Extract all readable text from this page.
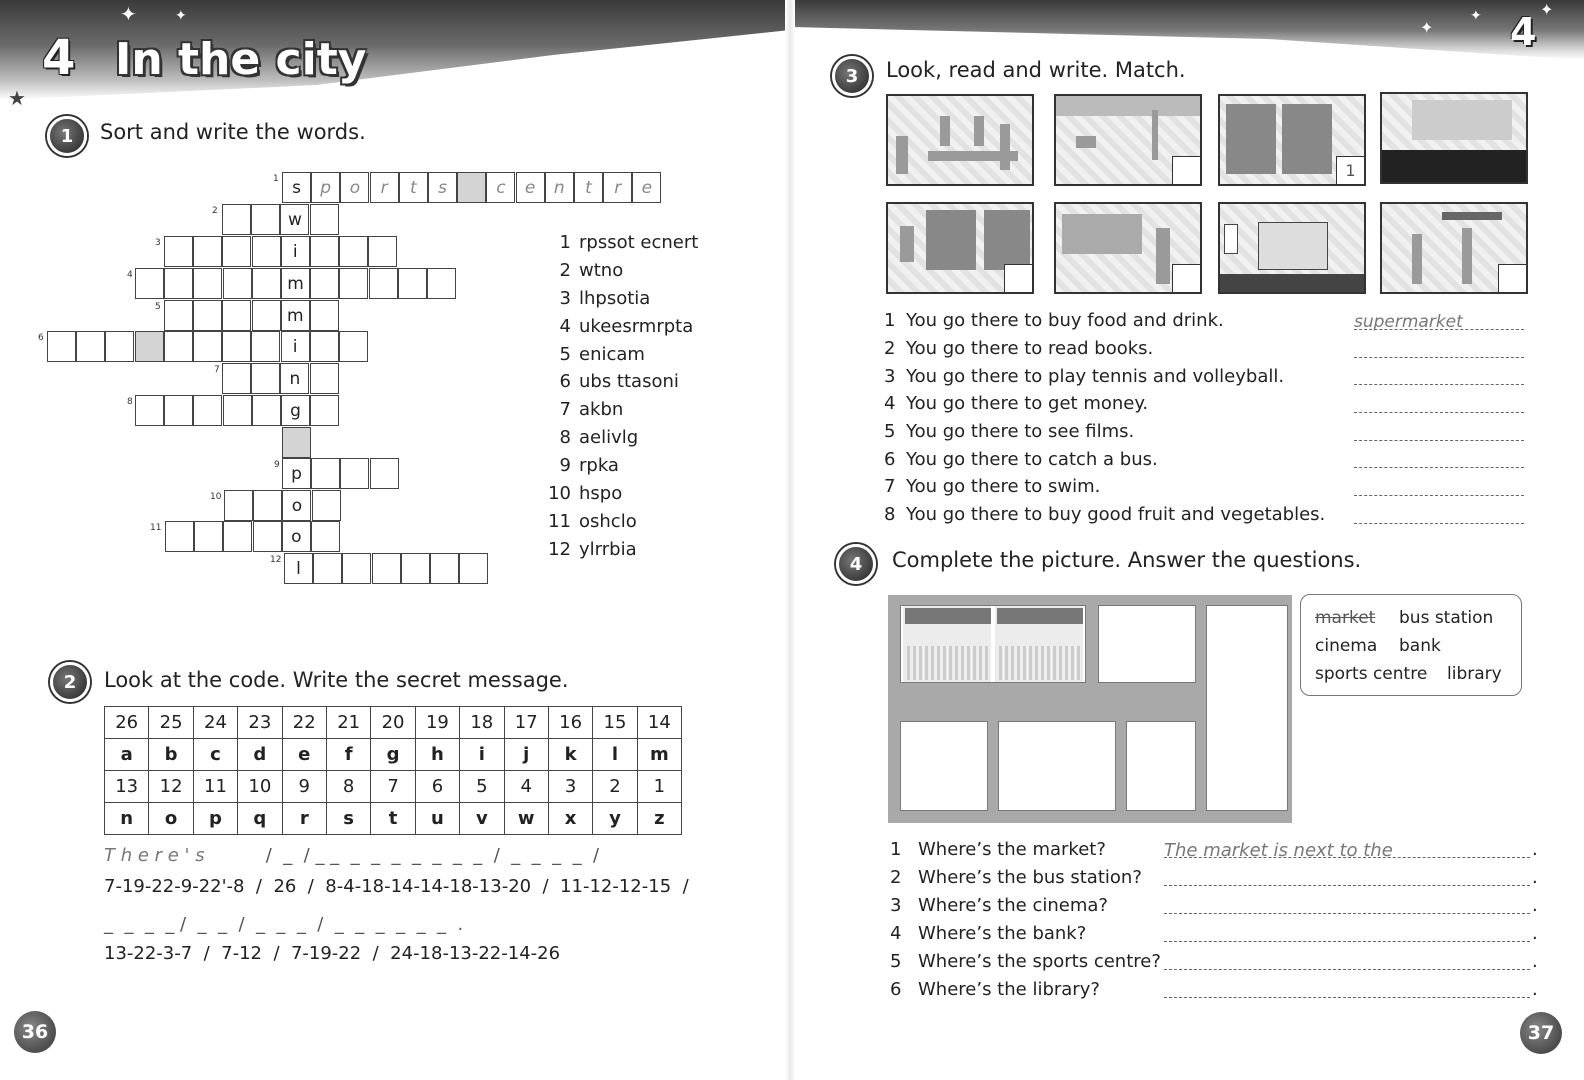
✦	✦
★
✦
✦	✦
4 In the city
4
1	Sort and write the words.
s	p	o	r	t	s	c	e	n	t	r	e
1
w
2
i
3
m
4
m
5
i
6
n
7
g
8
p
9
o
10
o
11
l
12
1 rpssot ecnert
2 wtno
3 lhpsotia
4 ukeesrmrpta
5 enicam
6 ubs ttasoni
7 akbn
8 aelivlg
9 rpka
10 hspo
11 oshclo
12 ylrrbia
2	Look at the code. Write the secret message.
26	25	24	23	22	21	20	19	18	17	16	15	14
a	b	c	d	e	f	g	h	i	j	k	l	m
13	12	11	10	9	8	7	6	5	4	3	2	1
n	o	p	q	r	s	t	u	v	w	x	y	z
T h e r e ' s	/  _  / _ _  _  _  _  _  _  _  _  /  _  _  _  _  /
7-19-22-9-22'-8  /  26  /  8-4-18-14-14-18-13-20  /  11-12-12-15  /
_  _  _  _ /  _  _  /  _  _  _  /  _  _  _  _  _  _  .
13-22-3-7  /  7-12  /  7-19-22  /  24-18-13-22-14-26
36
3	Look, read and write. Match.
1
1 You go there to buy food and drink.	supermarket
2 You go there to read books.
3 You go there to play tennis and volleyball.
4 You go there to get money.
5 You go there to see films.
6 You go there to catch a bus.
7 You go there to swim.
8 You go there to buy good fruit and vegetables.
4	Complete the picture. Answer the questions.
market bus station
cinema bank
sports centre library
1 Where’s the market?	The market is next to the	.
2 Where’s the bus station?	.
3 Where’s the cinema?	.
4 Where’s the bank?	.
5 Where’s the sports centre?	.
6 Where’s the library?	.
37
